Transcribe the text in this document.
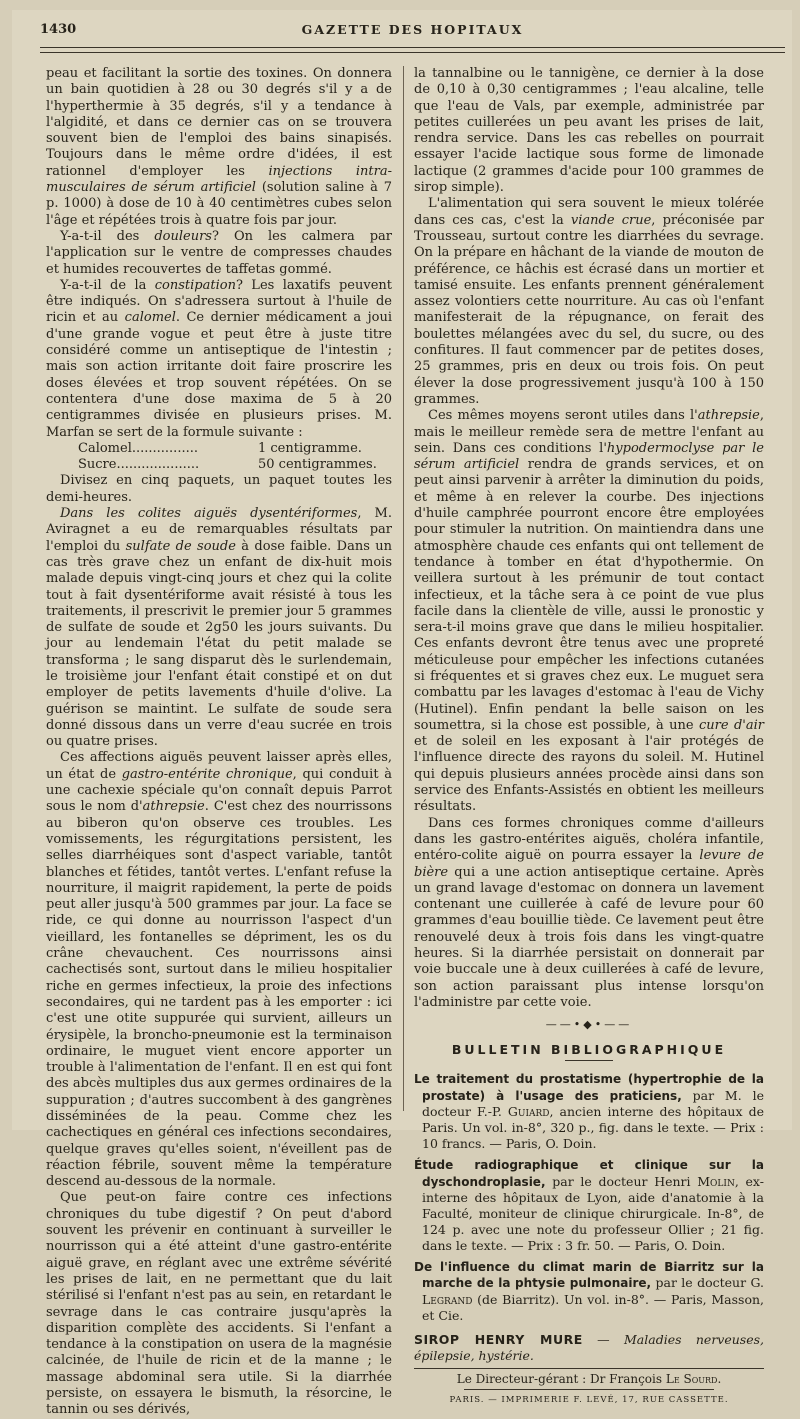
1430	GAZETTE DES HOPITAUX

peau et facilitant la sortie des toxines. On donnera un bain quotidien à 28 ou 30 degrés s'il y a de l'hyperthermie à 35 degrés, s'il y a tendance à l'algidité, et dans ce dernier cas on se trouvera souvent bien de l'emploi des bains sinapisés. Toujours dans le même ordre d'idées, il est rationnel d'employer les injections intra-musculaires de sérum artificiel (solution saline à 7 p. 1000) à dose de 10 à 40 centimètres cubes selon l'âge et répétées trois à quatre fois par jour.

Y-a-t-il des douleurs? On les calmera par l'application sur le ventre de compresses chaudes et humides recouvertes de taffetas gommé.

Y-a-t-il de la constipation? Les laxatifs peuvent être indiqués. On s'adressera surtout à l'huile de ricin et au calomel. Ce dernier médicament a joui d'une grande vogue et peut être à juste titre considéré comme un antiseptique de l'intestin ; mais son action irritante doit faire proscrire les doses élevées et trop souvent répétées. On se contentera d'une dose maxima de 5 à 20 centigrammes divisée en plusieurs prises. M. Marfan se sert de la formule suivante :

Calomel................	1 centigramme.
Sucre....................	50 centigrammes.

Divisez en cinq paquets, un paquet toutes les demi-heures.

Dans les colites aiguës dysentériformes, M. Aviragnet a eu de remarquables résultats par l'emploi du sulfate de soude à dose faible. Dans un cas très grave chez un enfant de dix-huit mois malade depuis vingt-cinq jours et chez qui la colite tout à fait dysentériforme avait résisté à tous les traitements, il prescrivit le premier jour 5 grammes de sulfate de soude et 2g50 les jours suivants. Du jour au lendemain l'état du petit malade se transforma ; le sang disparut dès le surlendemain, le troisième jour l'enfant était constipé et on dut employer de petits lavements d'huile d'olive. La guérison se maintint. Le sulfate de soude sera donné dissous dans un verre d'eau sucrée en trois ou quatre prises.

Ces affections aiguës peuvent laisser après elles, un état de gastro-entérite chronique, qui conduit à une cachexie spéciale qu'on connaît depuis Parrot sous le nom d'athrepsie. C'est chez des nourrissons au biberon qu'on observe ces troubles. Les vomissements, les régurgitations persistent, les selles diarrhéiques sont d'aspect variable, tantôt blanches et fétides, tantôt vertes. L'enfant refuse la nourriture, il maigrit rapidement, la perte de poids peut aller jusqu'à 500 grammes par jour. La face se ride, ce qui donne au nourrisson l'aspect d'un vieillard, les fontanelles se dépriment, les os du crâne chevauchent. Ces nourrissons ainsi cachectisés sont, surtout dans le milieu hospitalier riche en germes infectieux, la proie des infections secondaires, qui ne tardent pas à les emporter : ici c'est une otite suppurée qui survient, ailleurs un érysipèle, la broncho-pneumonie est la terminaison ordinaire, le muguet vient encore apporter un trouble à l'alimentation de l'enfant. Il en est qui font des abcès multiples dus aux germes ordinaires de la suppuration ; d'autres succombent à des gangrènes disséminées de la peau. Comme chez les cachectiques en général ces infections secondaires, quelque graves qu'elles soient, n'éveillent pas de réaction fébrile, souvent même la température descend au-dessous de la normale.

Que peut-on faire contre ces infections chroniques du tube digestif ? On peut d'abord souvent les prévenir en continuant à surveiller le nourrisson qui a été atteint d'une gastro-entérite aiguë grave, en réglant avec une extrême sévérité les prises de lait, en ne permettant que du lait stérilisé si l'enfant n'est pas au sein, en retardant le sevrage dans le cas contraire jusqu'après la disparition complète des accidents. Si l'enfant a tendance à la constipation on usera de la magnésie calcinée, de l'huile de ricin et de la manne ; le massage abdominal sera utile. Si la diarrhée persiste, on essayera le bismuth, la résorcine, le tannin ou ses dérivés,

la tannalbine ou le tannigène, ce dernier à la dose de 0,10 à 0,30 centigrammes ; l'eau alcaline, telle que l'eau de Vals, par exemple, administrée par petites cuillerées un peu avant les prises de lait, rendra service. Dans les cas rebelles on pourrait essayer l'acide lactique sous forme de limonade lactique (2 grammes d'acide pour 100 grammes de sirop simple).

L'alimentation qui sera souvent le mieux tolérée dans ces cas, c'est la viande crue, préconisée par Trousseau, surtout contre les diarrhées du sevrage. On la prépare en hâchant de la viande de mouton de préférence, ce hâchis est écrasé dans un mortier et tamisé ensuite. Les enfants prennent généralement assez volontiers cette nourriture. Au cas où l'enfant manifesterait de la répugnance, on ferait des boulettes mélangées avec du sel, du sucre, ou des confitures. Il faut commencer par de petites doses, 25 grammes, pris en deux ou trois fois. On peut élever la dose progressivement jusqu'à 100 à 150 grammes.

Ces mêmes moyens seront utiles dans l'athrepsie, mais le meilleur remède sera de mettre l'enfant au sein. Dans ces conditions l'hypodermoclyse par le sérum artificiel rendra de grands services, et on peut ainsi parvenir à arrêter la diminution du poids, et même à en relever la courbe. Des injections d'huile camphrée pourront encore être employées pour stimuler la nutrition. On maintiendra dans une atmosphère chaude ces enfants qui ont tellement de tendance à tomber en état d'hypothermie. On veillera surtout à les prémunir de tout contact infectieux, et la tâche sera à ce point de vue plus facile dans la clientèle de ville, aussi le pronostic y sera-t-il moins grave que dans le milieu hospitalier. Ces enfants devront être tenus avec une propreté méticuleuse pour empêcher les infections cutanées si fréquentes et si graves chez eux. Le muguet sera combattu par les lavages d'estomac à l'eau de Vichy (Hutinel). Enfin pendant la belle saison on les soumettra, si la chose est possible, à une cure d'air et de soleil en les exposant à l'air protégés de l'influence directe des rayons du soleil. M. Hutinel qui depuis plusieurs années procède ainsi dans son service des Enfants-Assistés en obtient les meilleurs résultats.

Dans ces formes chroniques comme d'ailleurs dans les gastro-entérites aiguës, choléra infantile, entéro-colite aiguë on pourra essayer la levure de bière qui a une action antiseptique certaine. Après un grand lavage d'estomac on donnera un lavement contenant une cuillerée à café de levure pour 60 grammes d'eau bouillie tiède. Ce lavement peut être renouvelé deux à trois fois dans les vingt-quatre heures. Si la diarrhée persistait on donnerait par voie buccale une à deux cuillerées à café de levure, son action paraissant plus intense lorsqu'on l'administre par cette voie.

——•◆•——
BULLETIN BIBLIOGRAPHIQUE

Le traitement du prostatisme (hypertrophie de la prostate) à l'usage des praticiens, par M. le docteur F.-P. Guiard, ancien interne des hôpitaux de Paris. Un vol. in-8°, 320 p., fig. dans le texte. — Prix : 10 francs. — Paris, O. Doin.

Étude radiographique et clinique sur la dyschondroplasie, par le docteur Henri Molin, ex-interne des hôpitaux de Lyon, aide d'anatomie à la Faculté, moniteur de clinique chirurgicale. In-8°, de 124 p. avec une note du professeur Ollier ; 21 fig. dans le texte. — Prix : 3 fr. 50. — Paris, O. Doin.

De l'influence du climat marin de Biarritz sur la marche de la phtysie pulmonaire, par le docteur G. Legrand (de Biarritz). Un vol. in-8°. — Paris, Masson, et Cie.

SIROP HENRY MURE — Maladies nerveuses, épilepsie, hystérie.

Le Directeur-gérant : Dr François Le Sourd.
PARIS. — IMPRIMERIE F. LEVÉ, 17, RUE CASSETTE.
